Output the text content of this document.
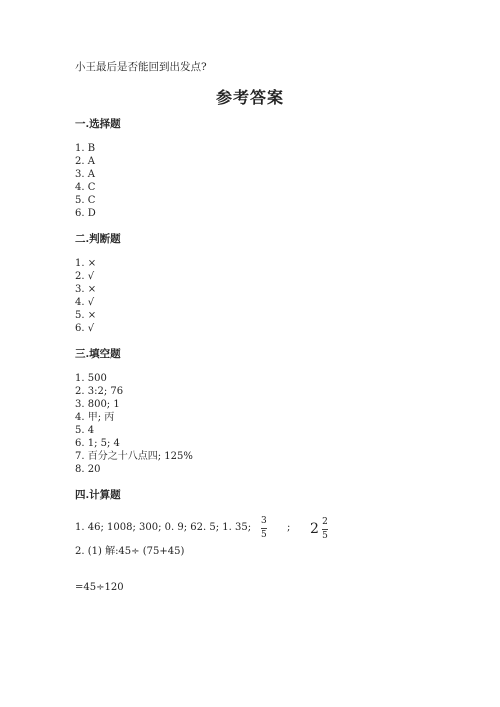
小王最后是否能回到出发点?
参考答案
一.选择题
1. B
2. A
3. A
4. C
5. C
6. D
二.判断题
1. ×
2. √
3. ×
4. √
5. ×
6. √
三.填空题
1. 500
2. 3:2; 76
3. 800; 1
4. 甲; 丙
5. 4
6. 1; 5; 4
7. 百分之十八点四; 125%
8. 20
四.计算题
1. 46; 1008; 300; 0. 9; 62. 5; 1. 35;
3
5
; $2 \frac{2}{5}$
2. (1) 解:45÷ (75+45)
=45÷120
